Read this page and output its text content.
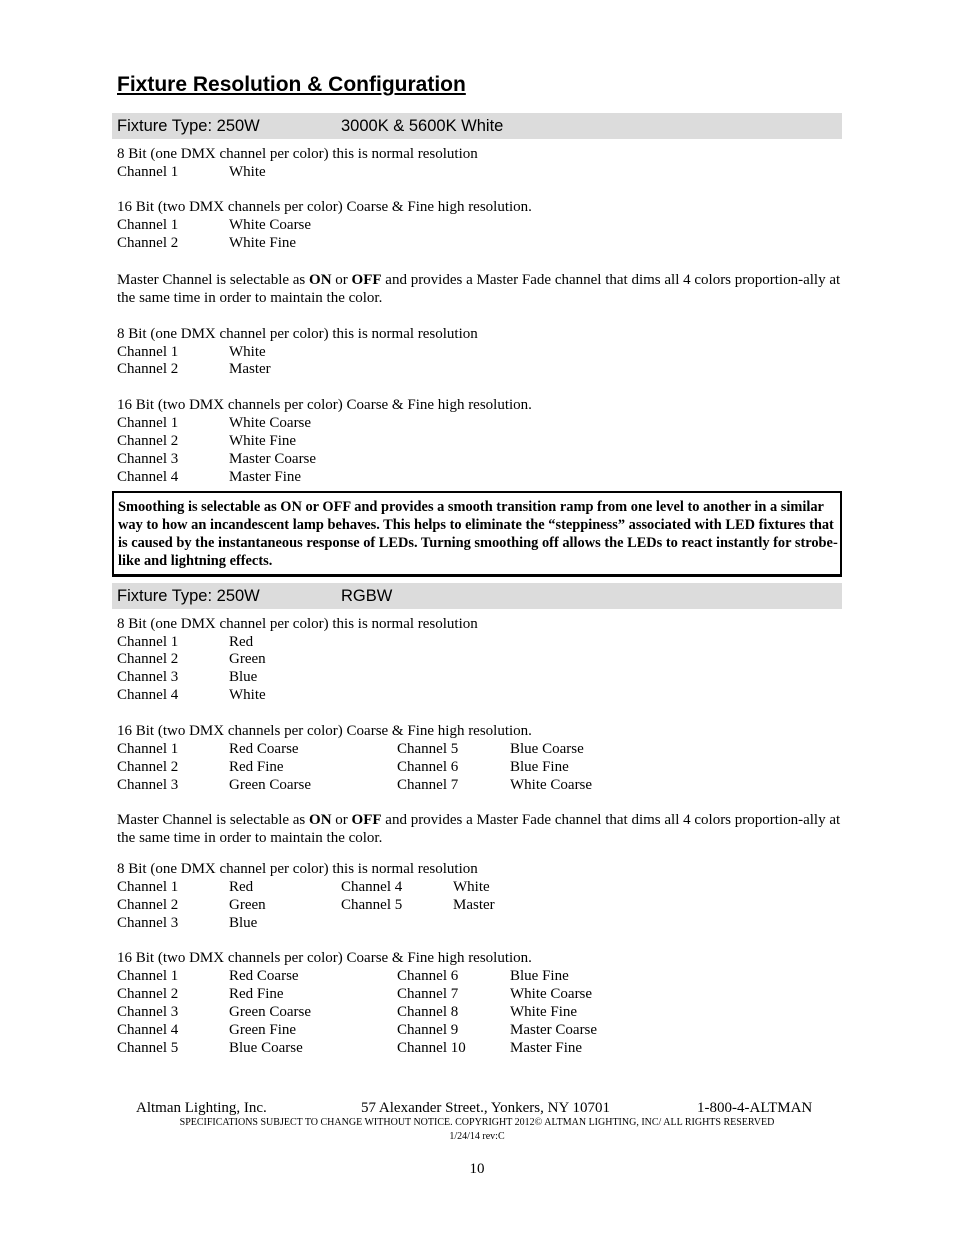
Fixture Resolution & Configuration
Fixture Type: 250W	3000K & 5600K White
8 Bit (one DMX channel per color) this is normal resolution
Channel 1	White
16 Bit (two DMX channels per color) Coarse & Fine high resolution.
Channel 1	White Coarse
Channel 2	White Fine
Master Channel is selectable as ON or OFF and provides a Master Fade channel that dims all 4 colors proportion-ally at the same time in order to maintain the color.
8 Bit (one DMX channel per color) this is normal resolution
Channel 1	White
Channel 2	Master
16 Bit (two DMX channels per color) Coarse & Fine high resolution.
Channel 1	White Coarse
Channel 2	White Fine
Channel 3	Master Coarse
Channel 4	Master Fine
Smoothing is selectable as ON or OFF and provides a smooth transition ramp from one level to another in a similar way to how an incandescent lamp behaves. This helps to eliminate the “steppiness” associated with LED fixtures that is caused by the instantaneous response of LEDs. Turning smoothing off allows the LEDs to react instantly for strobe-like and lightning effects.
Fixture Type: 250W	RGBW
8 Bit (one DMX channel per color) this is normal resolution
Channel 1	Red
Channel 2	Green
Channel 3	Blue
Channel 4	White
16 Bit (two DMX channels per color) Coarse & Fine high resolution.
Channel 1	Red Coarse	Channel 5	Blue Coarse
Channel 2	Red Fine	Channel 6	Blue Fine
Channel 3	Green Coarse	Channel 7	White Coarse
Master Channel is selectable as ON or OFF and provides a Master Fade channel that dims all 4 colors proportion-ally at the same time in order to maintain the color.
8 Bit (one DMX channel per color) this is normal resolution
Channel 1	Red	Channel 4	White
Channel 2	Green	Channel 5	Master
Channel 3	Blue
16 Bit (two DMX channels per color) Coarse & Fine high resolution.
Channel 1	Red Coarse	Channel 6	Blue Fine
Channel 2	Red Fine	Channel 7	White Coarse
Channel 3	Green Coarse	Channel 8	White Fine
Channel 4	Green Fine	Channel 9	Master Coarse
Channel 5	Blue Coarse	Channel 10	Master Fine
Altman Lighting, Inc.	57 Alexander Street., Yonkers, NY 10701	1-800-4-ALTMAN
SPECIFICATIONS SUBJECT TO CHANGE WITHOUT NOTICE. COPYRIGHT 2012© ALTMAN LIGHTING, INC/ ALL RIGHTS RESERVED
1/24/14 rev:C
10
